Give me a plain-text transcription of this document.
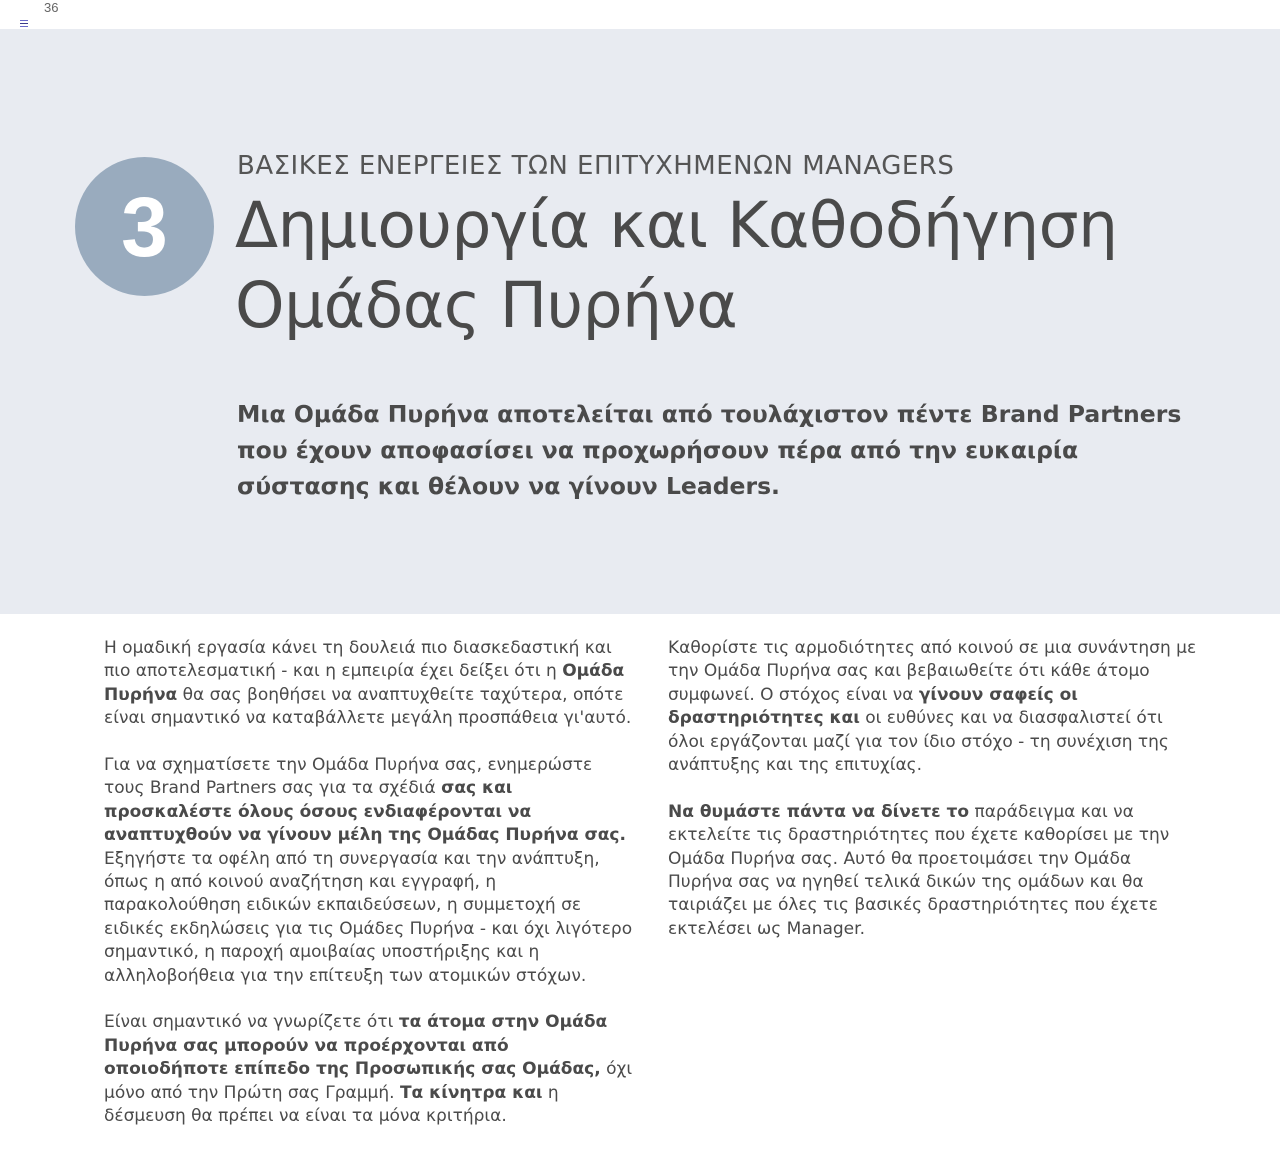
36
3
ΒΑΣΙΚΕΣ ΕΝΕΡΓΕΙΕΣ ΤΩΝ ΕΠΙΤΥΧΗΜΕΝΩΝ MANAGERS
Δημιουργία και Καθοδήγηση
Ομάδας Πυρήνα

Μια Ομάδα Πυρήνα αποτελείται από τουλάχιστον πέντε Brand Partners που έχουν αποφασίσει να προχωρήσουν πέρα από την ευκαιρία σύστασης και θέλουν να γίνουν Leaders.

Η ομαδική εργασία κάνει τη δουλειά πιο διασκεδαστική και πιο αποτελεσματική - και η εμπειρία έχει δείξει ότι η Ομάδα Πυρήνα θα σας βοηθήσει να αναπτυχθείτε ταχύτερα, οπότε είναι σημαντικό να καταβάλλετε μεγάλη προσπάθεια γι'αυτό.

Για να σχηματίσετε την Ομάδα Πυρήνα σας, ενημερώστε τους Brand Partners σας για τα σχέδιά σας και προσκαλέστε όλους όσους ενδιαφέρονται να αναπτυχθούν να γίνουν μέλη της Ομάδας Πυρήνα σας. Εξηγήστε τα οφέλη από τη συνεργασία και την ανάπτυξη, όπως η από κοινού αναζήτηση και εγγραφή, η παρακολούθηση ειδικών εκπαιδεύσεων, η συμμετοχή σε ειδικές εκδηλώσεις για τις Ομάδες Πυρήνα - και όχι λιγότερο σημαντικό, η παροχή αμοιβαίας υποστήριξης και η αλληλοβοήθεια για την επίτευξη των ατομικών στόχων.

Είναι σημαντικό να γνωρίζετε ότι τα άτομα στην Ομάδα Πυρήνα σας μπορούν να προέρχονται από οποιοδήποτε επίπεδο της Προσωπικής σας Ομάδας, όχι μόνο από την Πρώτη σας Γραμμή. Τα κίνητρα και η δέσμευση θα πρέπει να είναι τα μόνα κριτήρια.

Καθορίστε τις αρμοδιότητες από κοινού σε μια συνάντηση με την Ομάδα Πυρήνα σας και βεβαιωθείτε ότι κάθε άτομο συμφωνεί. Ο στόχος είναι να γίνουν σαφείς οι δραστηριότητες και οι ευθύνες και να διασφαλιστεί ότι όλοι εργάζονται μαζί για τον ίδιο στόχο - τη συνέχιση της ανάπτυξης και της επιτυχίας.

Να θυμάστε πάντα να δίνετε το παράδειγμα και να εκτελείτε τις δραστηριότητες που έχετε καθορίσει με την Ομάδα Πυρήνα σας. Αυτό θα προετοιμάσει την Ομάδα Πυρήνα σας να ηγηθεί τελικά δικών της ομάδων και θα ταιριάζει με όλες τις βασικές δραστηριότητες που έχετε εκτελέσει ως Manager.
